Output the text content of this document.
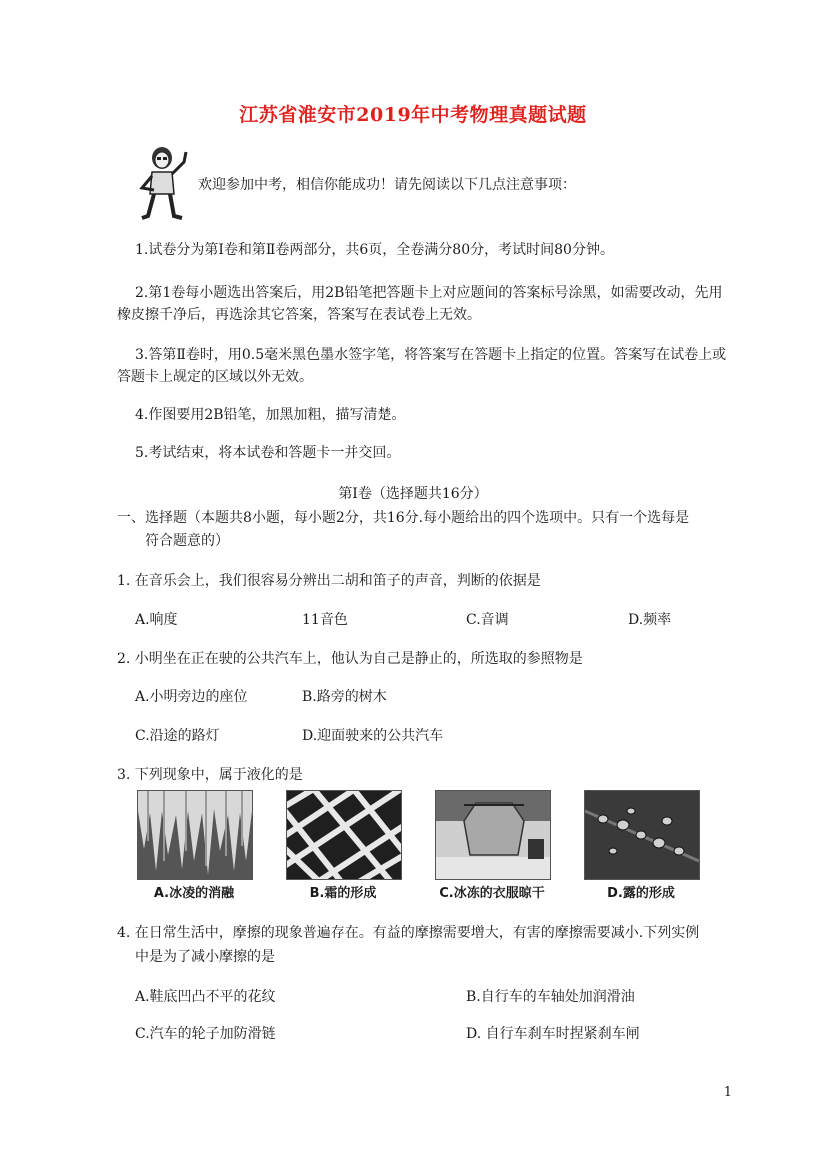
江苏省淮安市2019年中考物理真题试题
欢迎参加中考，相信你能成功！请先阅读以下几点注意事项：
1.试卷分为第Ⅰ卷和第Ⅱ卷两部分，共6页，全卷满分80分，考试时间80分钟。
2.第1卷每小题选出答案后，用2B铅笔把答题卡上对应题间的答案标号涂黑，如需要改动，先用橡皮擦千净后，再选涂其它答案，答案写在表试卷上无效。
3.答第Ⅱ卷时，用0.5毫米黑色墨水签字笔，将答案写在答题卡上指定的位置。答案写在试卷上或答题卡上觇定的区域以外无效。
4.作图要用2B铅笔，加黑加粗，描写清楚。
5.考试结束，将本试卷和答题卡一并交回。
第Ⅰ卷（选择题共16分）
一、选择题（本题共8小题，每小题2分，共16分.每小题给出的四个选项中。只有一个选每是
符合题意的）
1. 在音乐会上，我们很容易分辨出二胡和笛子的声音，判断的依据是
A.响度	11音色	C.音调	D.频率
2. 小明坐在正在驶的公共汽车上，他认为自己是静止的，所选取的参照物是
A.小明旁边的座位	B.路旁的树木
C.沿途的路灯	D.迎面驶来的公共汽车
3. 下列现象中，属于液化的是
A.冰凌的消融	B.霜的形成	C.冰冻的衣服晾干	D.露的形成
4. 在日常生活中，摩擦的现象普遍存在。有益的摩擦需要增大，有害的摩擦需要减小.下列实例
中是为了减小摩擦的是
A.鞋底凹凸不平的花纹	B.自行车的车轴处加润滑油
C.汽车的轮子加防滑链	D. 自行车刹车时捏紧刹车闸
1
